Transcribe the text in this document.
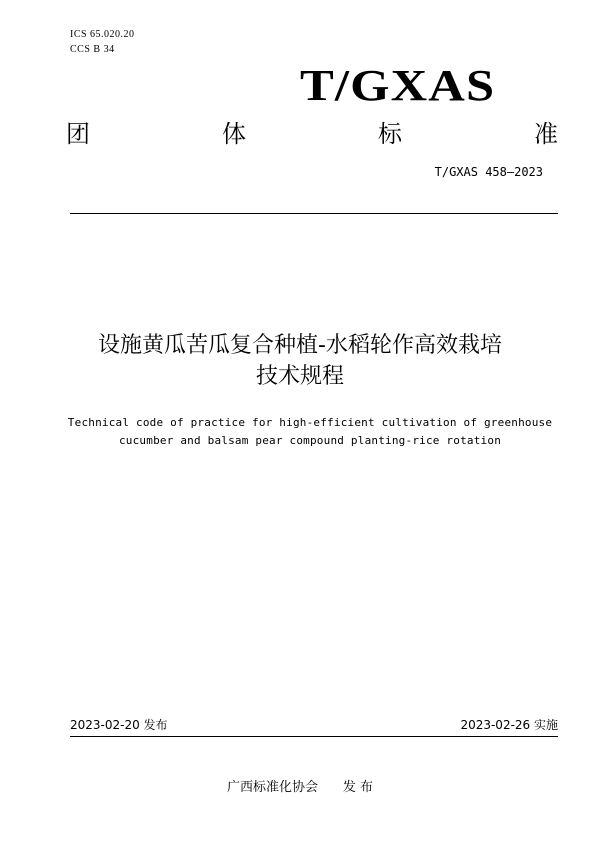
ICS 65.020.20
CCS B 34
T/GXAS
团	体	标	准
T/GXAS 458—2023
设施黄瓜苦瓜复合种植-水稻轮作高效栽培
技术规程
Technical code of practice for high-efficient cultivation of greenhouse
cucumber and balsam pear compound planting-rice rotation
2023-02-20 发布	2023-02-26 实施
广西标准化协会      发 布
